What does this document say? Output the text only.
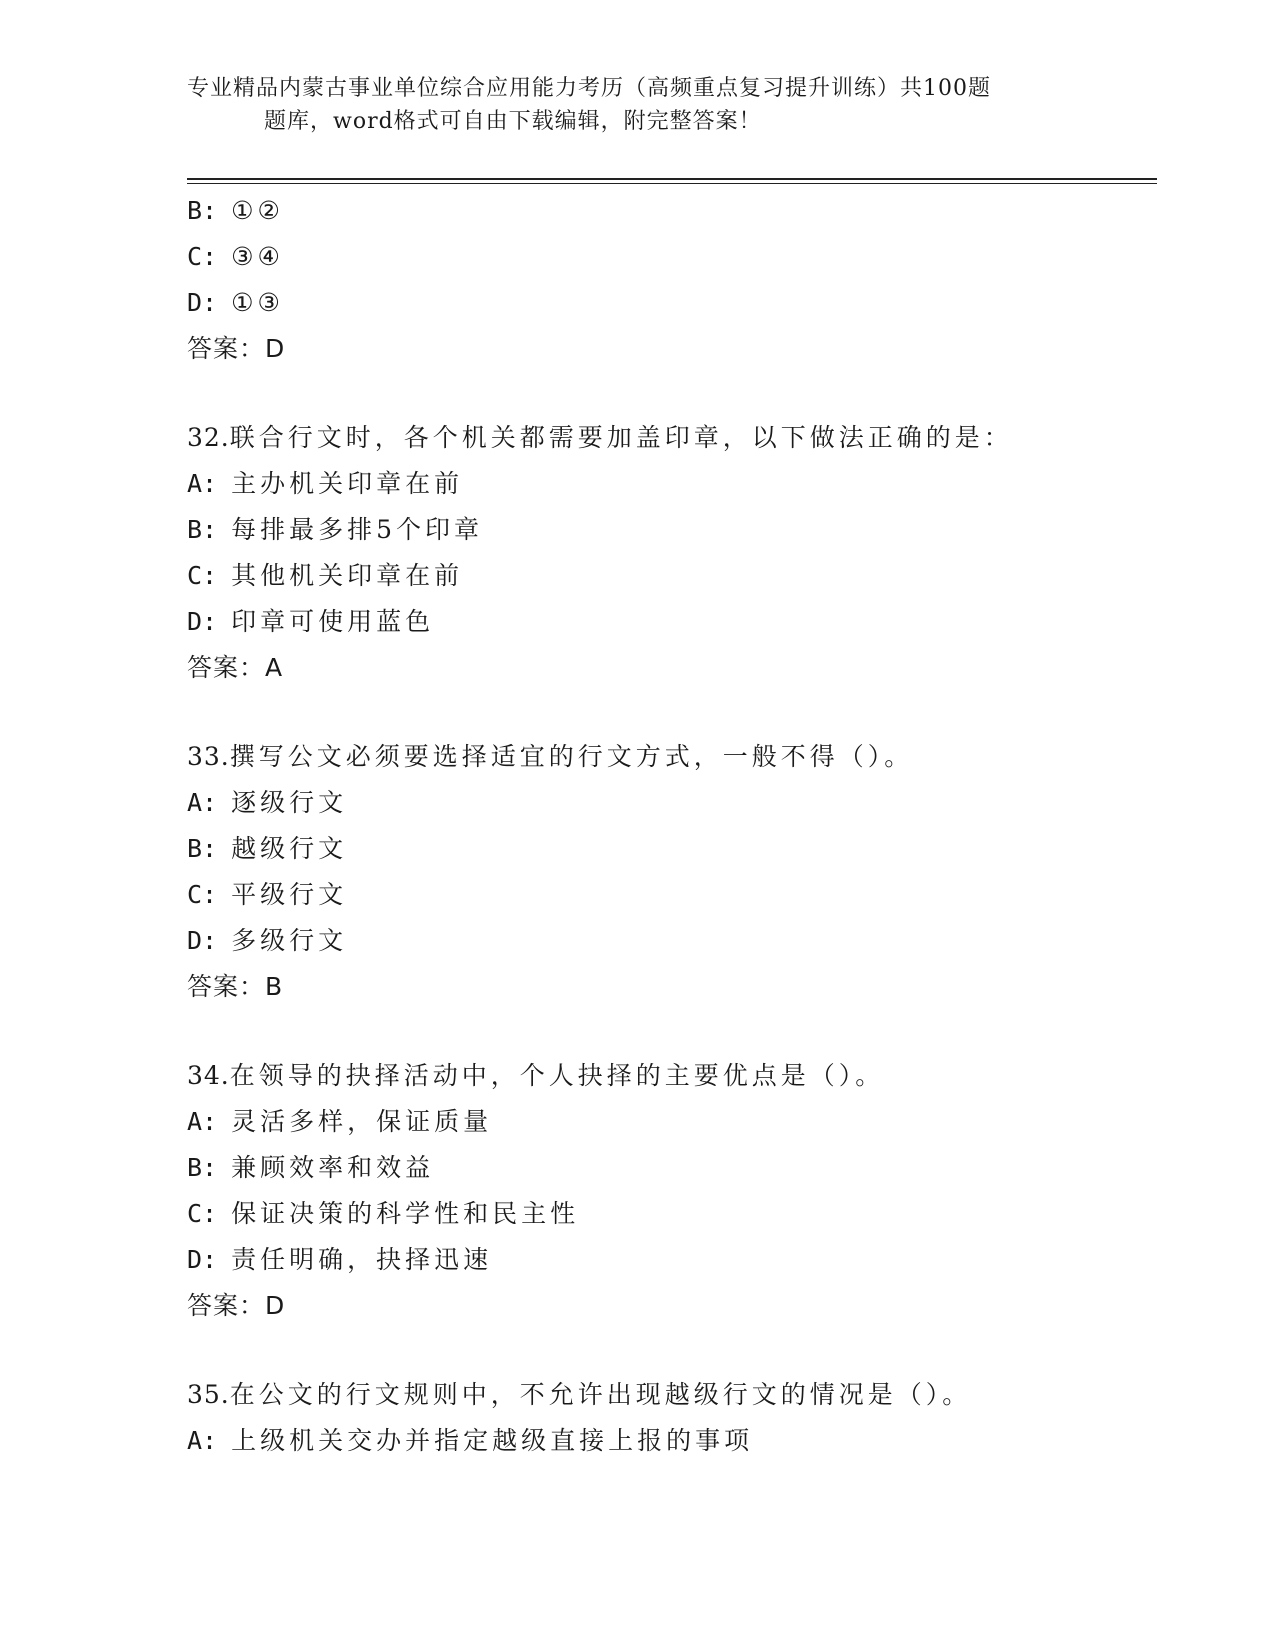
专业精品内蒙古事业单位综合应用能力考历（高频重点复习提升训练）共100题
题库，word格式可自由下载编辑，附完整答案！
B: ①②
C: ③④
D: ①③
答案：D
32.联合行文时，各个机关都需要加盖印章，以下做法正确的是：
A: 主办机关印章在前
B: 每排最多排5个印章
C: 其他机关印章在前
D: 印章可使用蓝色
答案：A
33.撰写公文必须要选择适宜的行文方式，一般不得（）。
A: 逐级行文
B: 越级行文
C: 平级行文
D: 多级行文
答案：B
34.在领导的抉择活动中，个人抉择的主要优点是（）。
A: 灵活多样，保证质量
B: 兼顾效率和效益
C: 保证决策的科学性和民主性
D: 责任明确，抉择迅速
答案：D
35.在公文的行文规则中，不允许出现越级行文的情况是（）。
A: 上级机关交办并指定越级直接上报的事项
